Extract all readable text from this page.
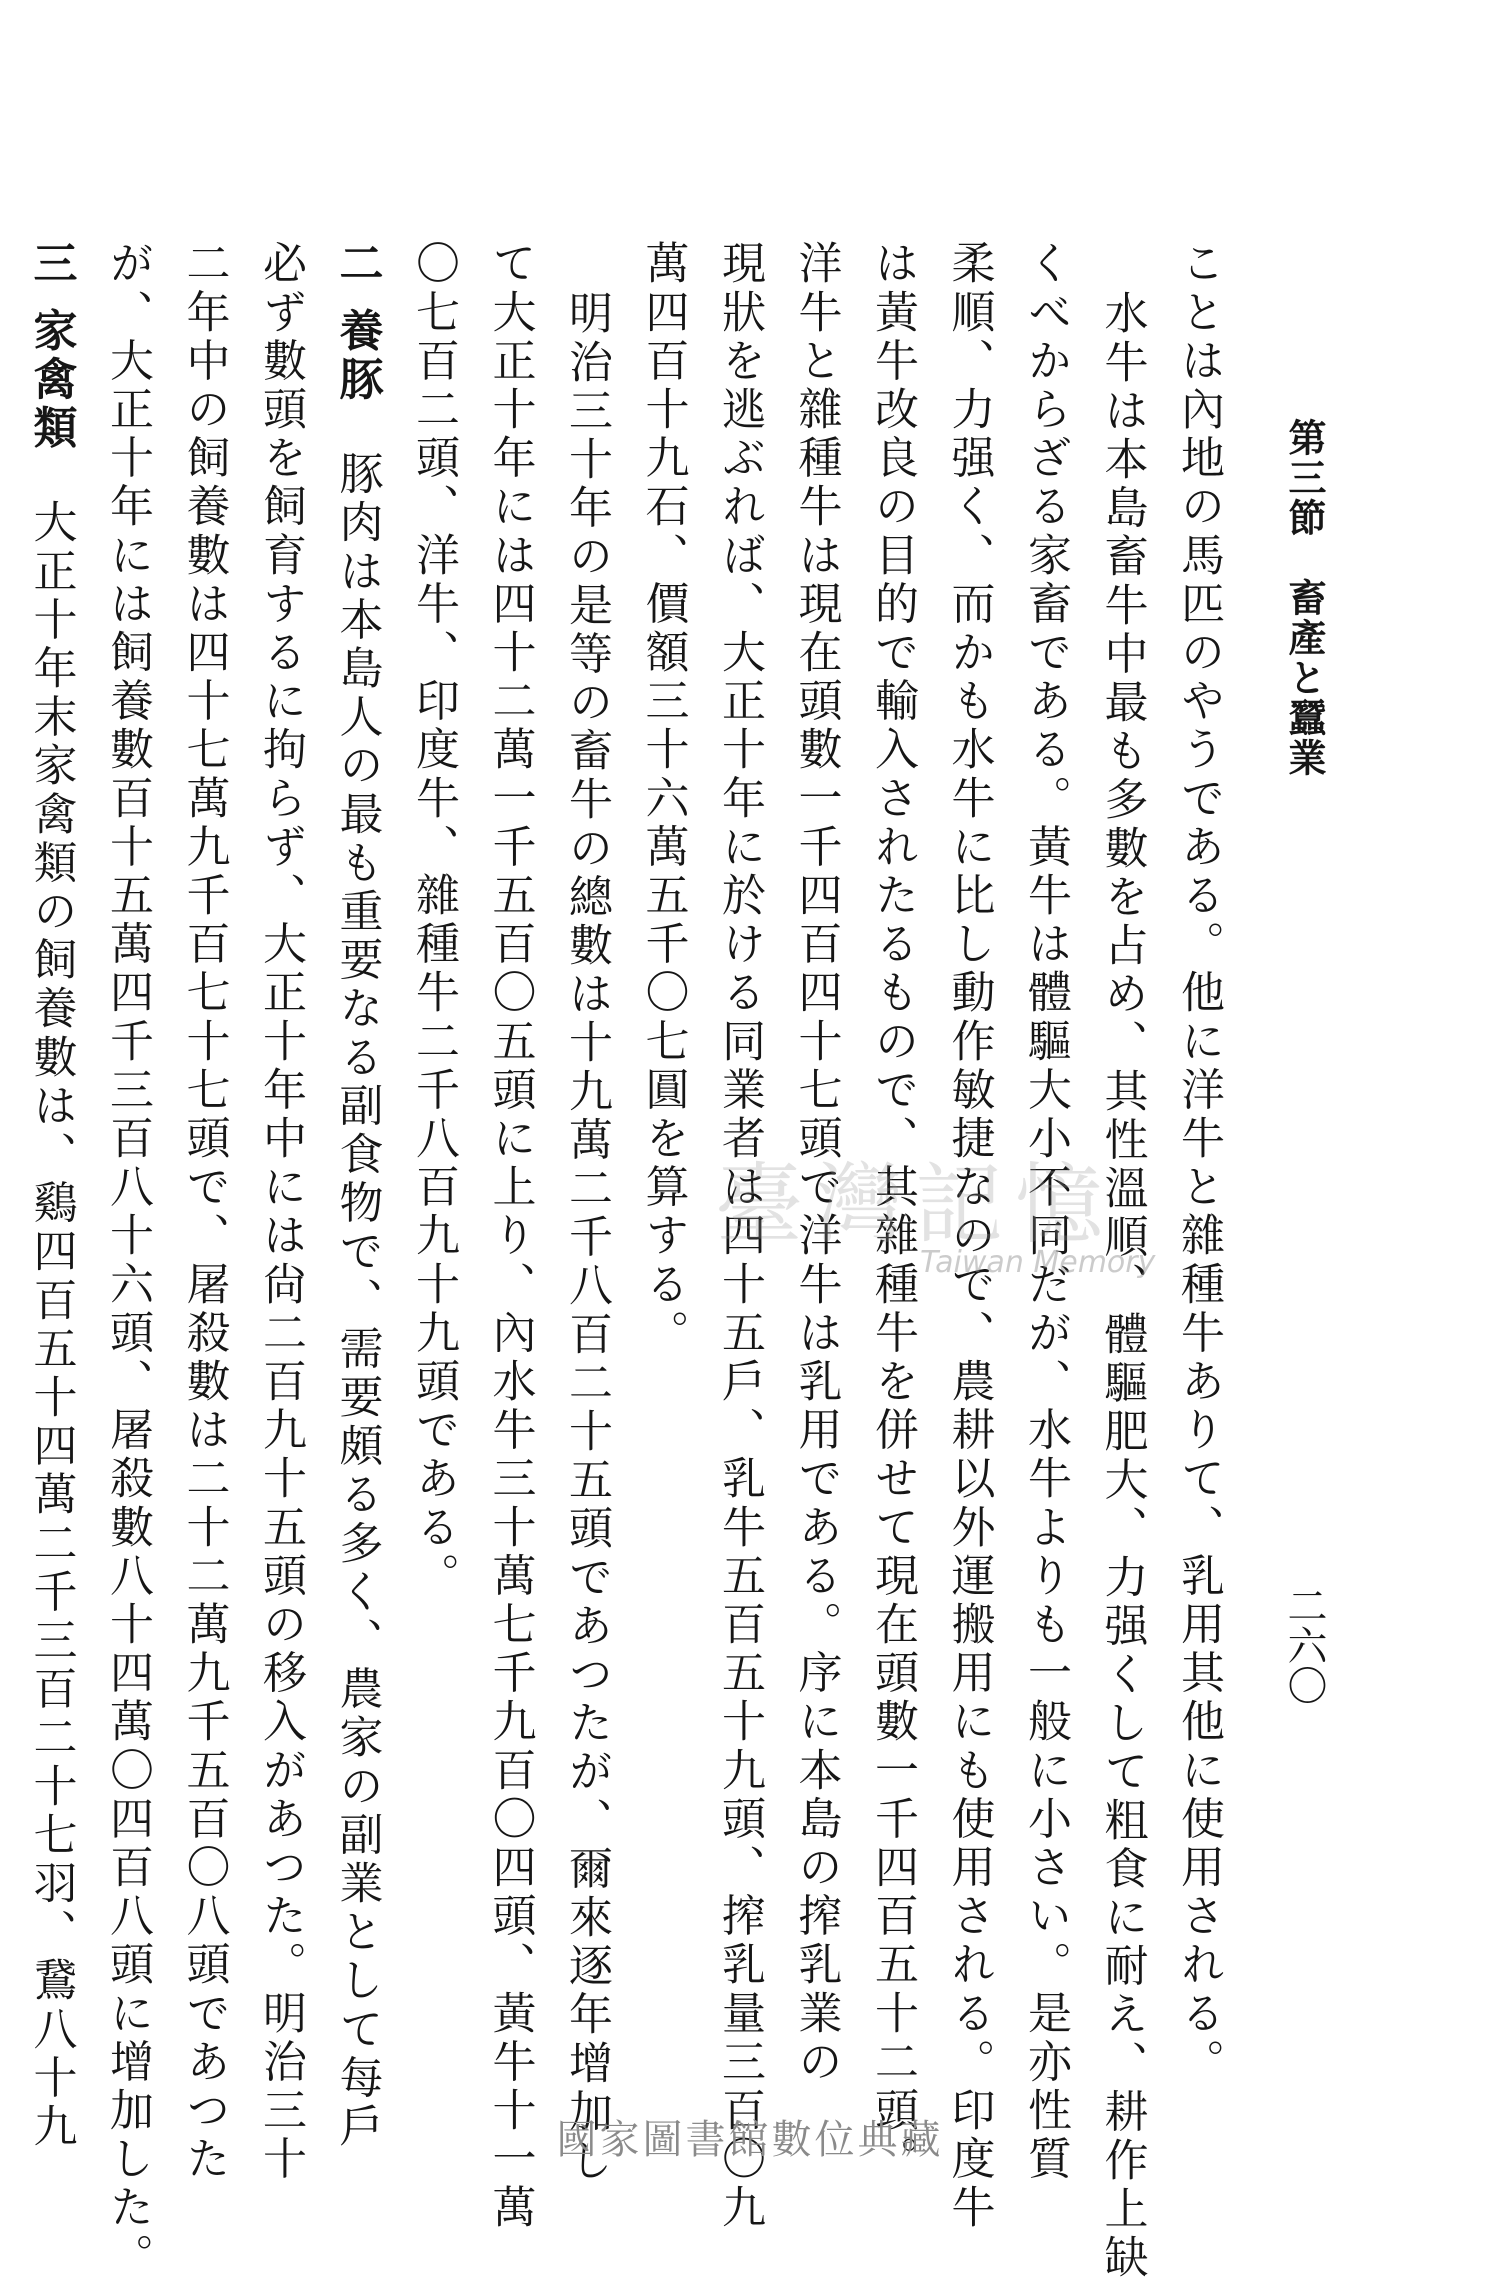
第三節畜產と蠶業
二六〇
ことは內地の馬匹のやうである。他に洋牛と雜種牛ありて、乳用其他に使用される。
水牛は本島畜牛中最も多數を占め、其性溫順、體驅肥大、力强くして粗食に耐え、耕作上缺
くべからざる家畜である。黃牛は體驅大小不同だが、水牛よりも一般に小さい。是亦性質
柔順、力强く、而かも水牛に比し動作敏捷なので、農耕以外運搬用にも使用される。印度牛
は黃牛改良の目的で輸入されたるもので、其雜種牛を併せて現在頭數一千四百五十二頭。
洋牛と雜種牛は現在頭數一千四百四十七頭で洋牛は乳用である。序に本島の搾乳業の
現狀を逃ぶれば、大正十年に於ける同業者は四十五戶、乳牛五百五十九頭、搾乳量三百〇九
萬四百十九石、價額三十六萬五千〇七圓を算する。
明治三十年の是等の畜牛の總數は十九萬二千八百二十五頭であつたが、爾來逐年增加し
て大正十年には四十二萬一千五百〇五頭に上り、內水牛三十萬七千九百〇四頭、黃牛十一萬
〇七百二頭、洋牛、印度牛、雜種牛二千八百九十九頭である。
二 養豚豚肉は本島人の最も重要なる副食物で、需要頗る多く、農家の副業として每戶
必ず數頭を飼育するに拘らず、大正十年中には尙二百九十五頭の移入があつた。明治三十
二年中の飼養數は四十七萬九千百七十七頭で、屠殺數は二十二萬九千五百〇八頭であつた
が、大正十年には飼養數百十五萬四千三百八十六頭、屠殺數八十四萬〇四百八頭に增加した。
三 家禽類大正十年末家禽類の飼養數は、鷄四百五十四萬二千三百二十七羽、鵞八十九	臺灣記憶
Taiwan Memory
國家圖書館數位典藏
